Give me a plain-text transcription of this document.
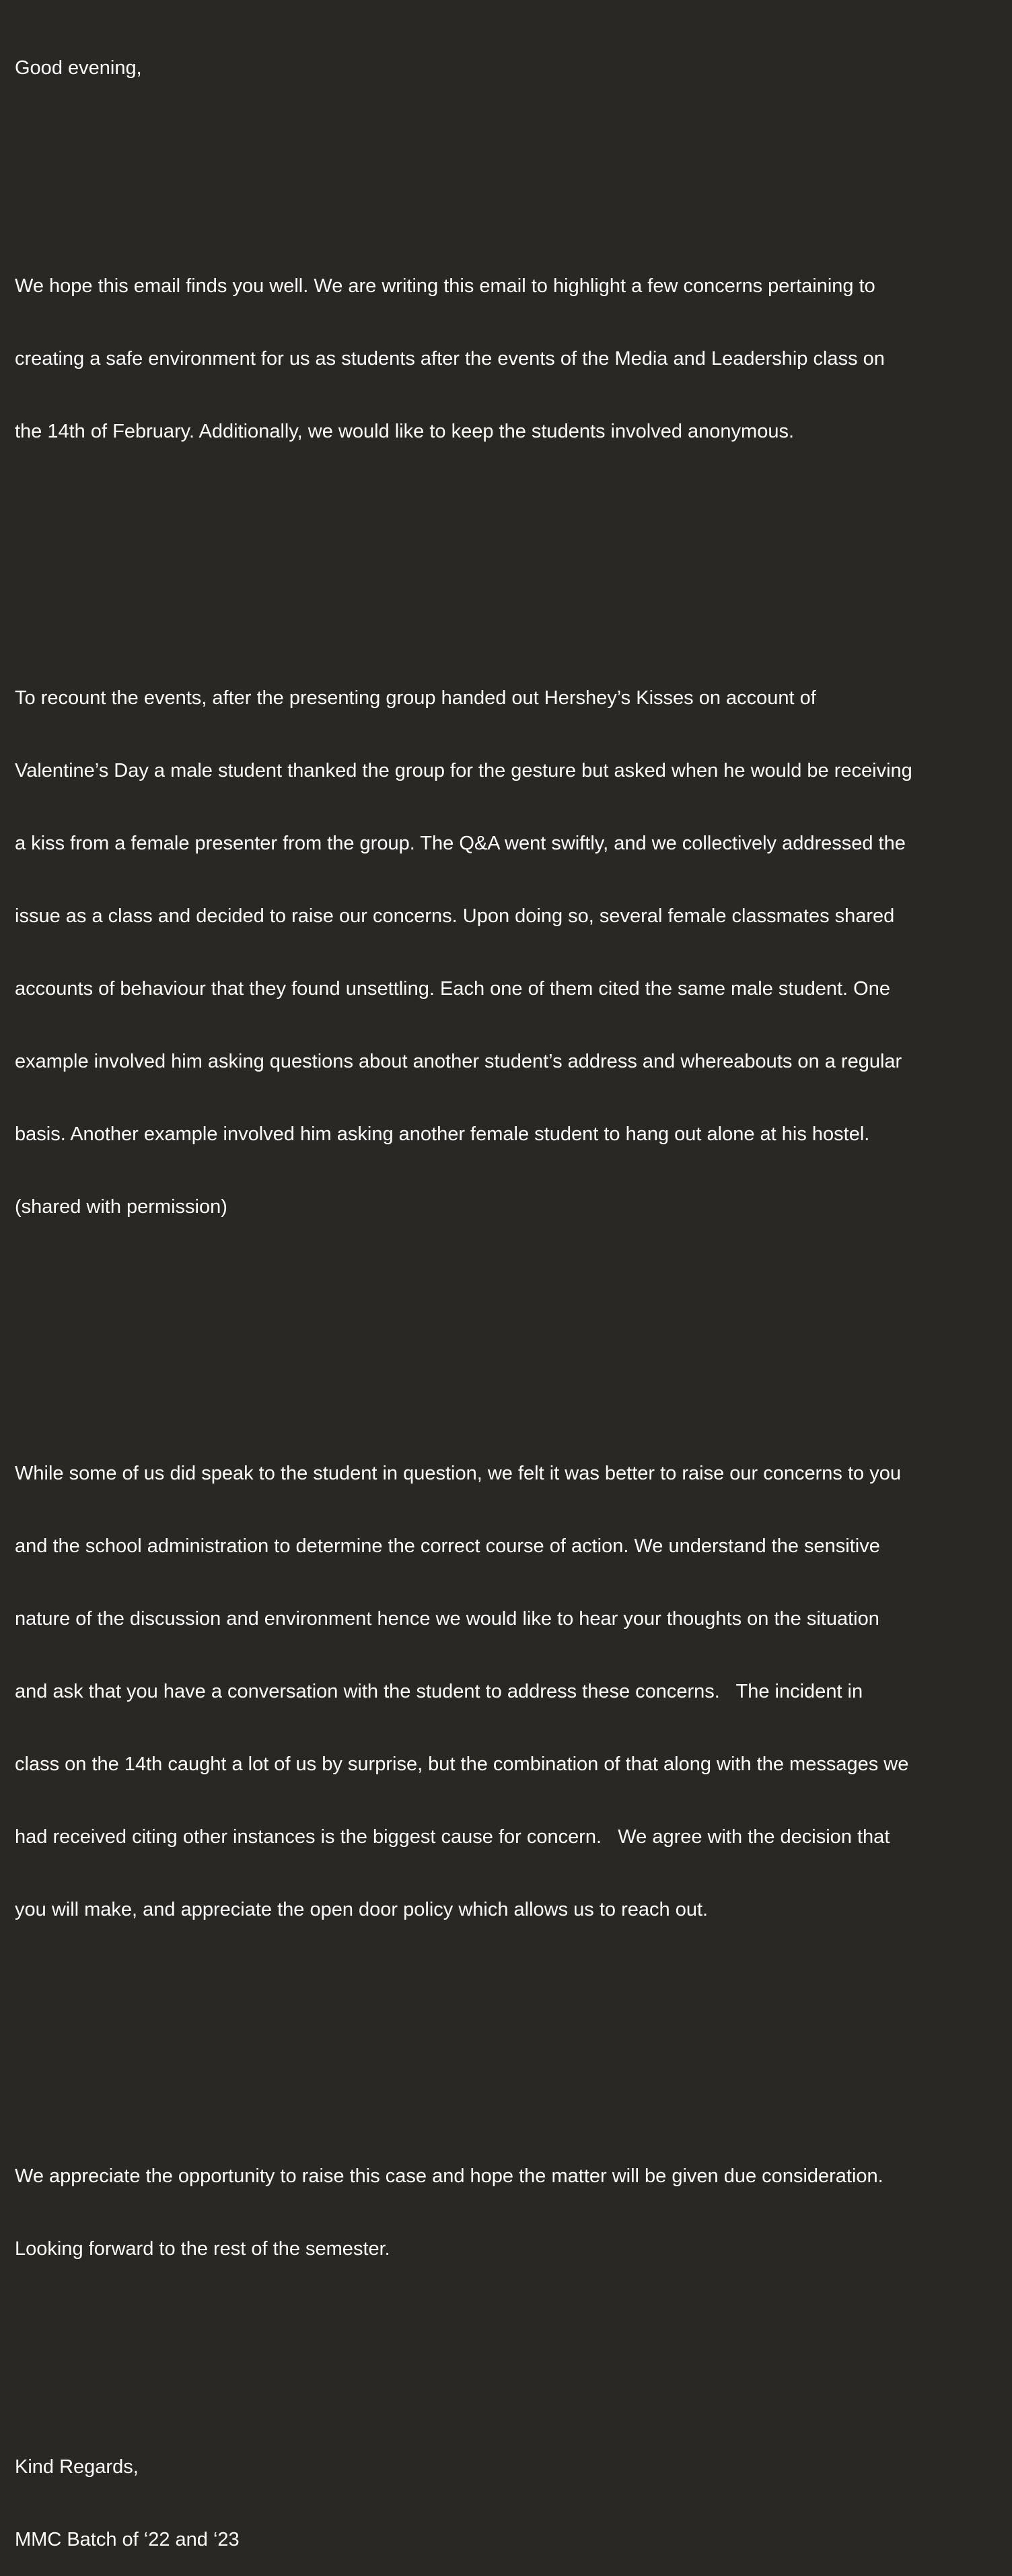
Good evening,

We hope this email finds you well. We are writing this email to highlight a few concerns pertaining to

creating a safe environment for us as students after the events of the Media and Leadership class on

the 14th of February. Additionally, we would like to keep the students involved anonymous.

To recount the events, after the presenting group handed out Hershey’s Kisses on account of

Valentine’s Day a male student thanked the group for the gesture but asked when he would be receiving

a kiss from a female presenter from the group. The Q&A went swiftly, and we collectively addressed the

issue as a class and decided to raise our concerns. Upon doing so, several female classmates shared

accounts of behaviour that they found unsettling. Each one of them cited the same male student. One

example involved him asking questions about another student’s address and whereabouts on a regular

basis. Another example involved him asking another female student to hang out alone at his hostel.

(shared with permission)

While some of us did speak to the student in question, we felt it was better to raise our concerns to you

and the school administration to determine the correct course of action. We understand the sensitive

nature of the discussion and environment hence we would like to hear your thoughts on the situation

and ask that you have a conversation with the student to address these concerns.   The incident in

class on the 14th caught a lot of us by surprise, but the combination of that along with the messages we

had received citing other instances is the biggest cause for concern.   We agree with the decision that

you will make, and appreciate the open door policy which allows us to reach out.

We appreciate the opportunity to raise this case and hope the matter will be given due consideration.

Looking forward to the rest of the semester.

Kind Regards,

MMC Batch of ‘22 and ‘23
